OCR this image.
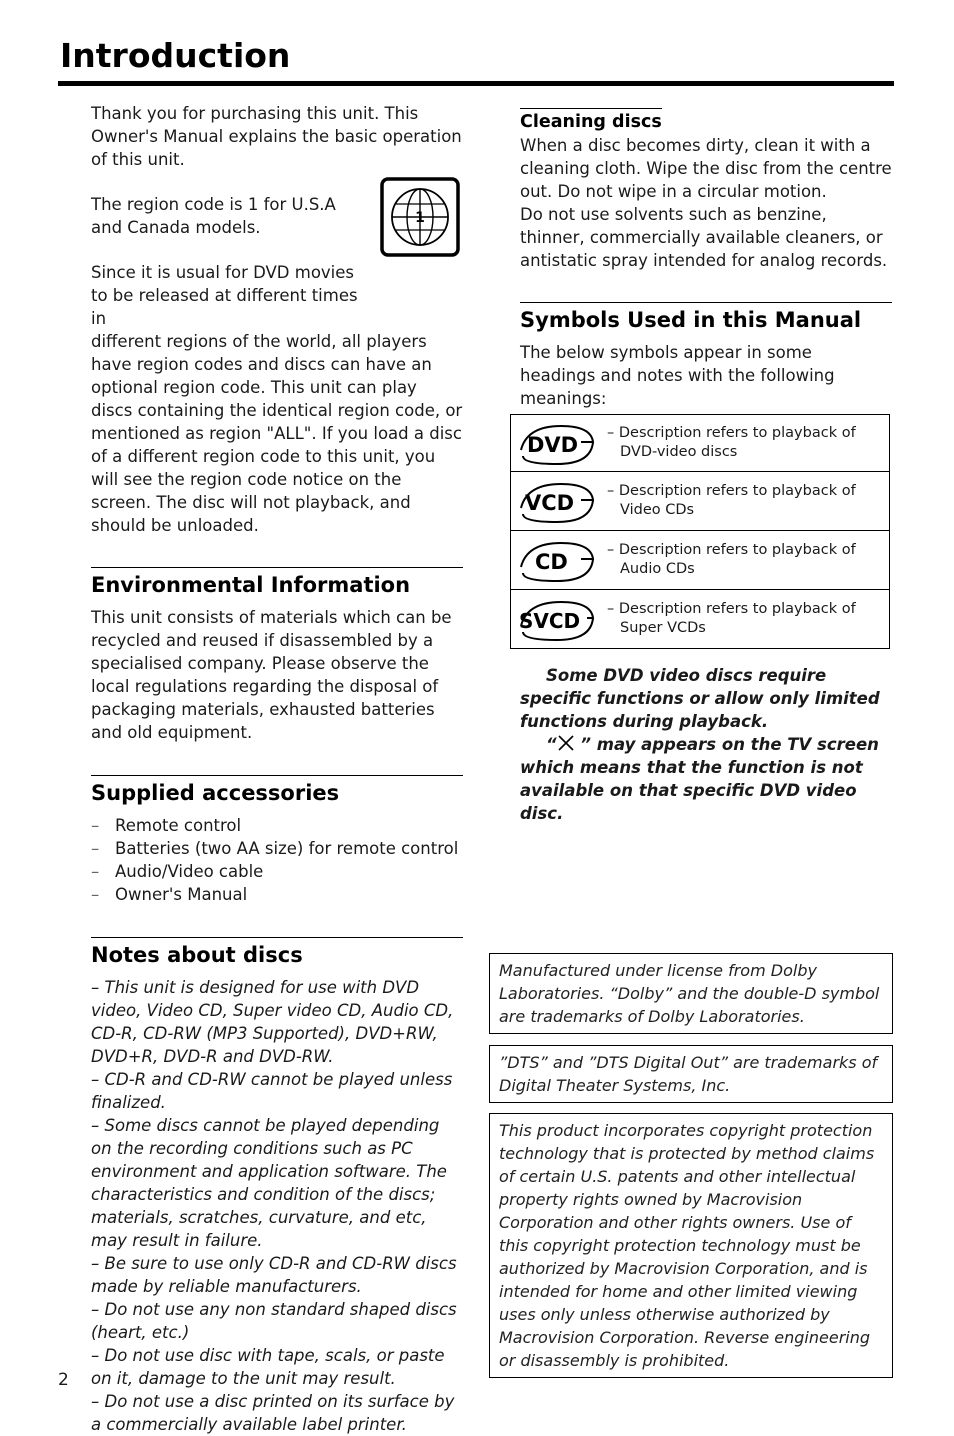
Introduction
1

Thank you for purchasing this unit. This Owner's Manual explains the basic operation of this unit.

The region code is 1 for U.S.A and Canada models.

Since it is usual for DVD movies to be released at different times in

different regions of the world, all players have region codes and discs can have an optional region code. This unit can play discs containing the identical region code, or mentioned as region "ALL". If you load a disc of a different region code to this unit, you will see the region code notice on the screen. The disc will not playback, and should be unloaded.

Environmental Information

This unit consists of materials which can be recycled and reused if disassembled by a specialised company. Please observe the local regulations regarding the disposal of packaging materials, exhausted batteries and old equipment.

Supplied accessories
– Remote control
– Batteries (two AA size) for remote control
– Audio/Video cable
– Owner's Manual
Notes about discs

– This unit is designed for use with DVD video, Video CD, Super video CD, Audio CD, CD-R, CD-RW (MP3 Supported), DVD+RW, DVD+R, DVD-R and DVD-RW.

– CD-R and CD-RW cannot be played unless finalized.

– Some discs cannot be played depending on the recording conditions such as PC environment and application software. The characteristics and condition of the discs; materials, scratches, curvature, and etc, may result in failure.

– Be sure to use only CD-R and CD-RW discs made by reliable manufacturers.

– Do not use any non standard shaped discs (heart, etc.)

– Do not use disc with tape, scals, or paste on it, damage to the unit may result.

– Do not use a disc printed on its surface by a commercially available label printer.

Cleaning discs

When a disc becomes dirty, clean it with a cleaning cloth. Wipe the disc from the centre out. Do not wipe in a circular motion.

Do not use solvents such as benzine, thinner, commercially available cleaners, or antistatic spray intended for analog records.

Symbols Used in this Manual

The below symbols appear in some headings and notes with the following meanings:

DVD – Description refers to playback of
DVD-video discs
VCD – Description refers to playback of
Video CDs
CD	– Description refers to playback of
Audio CDs
SVCD – Description refers to playback of
Super VCDs

Some DVD video discs require specific functions or allow only limited functions during playback.

“ ” may appears on the TV screen which means that the function is not available on that specific DVD video disc.

Manufactured under license from Dolby Laboratories. “Dolby” and the double-D symbol are trademarks of Dolby Laboratories.

”DTS” and ”DTS Digital Out” are trademarks of Digital Theater Systems, Inc.

This product incorporates copyright protection technology that is protected by method claims of certain U.S. patents and other intellectual property rights owned by Macrovision Corporation and other rights owners. Use of this copyright protection technology must be authorized by Macrovision Corporation, and is intended for home and other limited viewing uses only unless otherwise authorized by Macrovision Corporation. Reverse engineering or disassembly is prohibited.

2
